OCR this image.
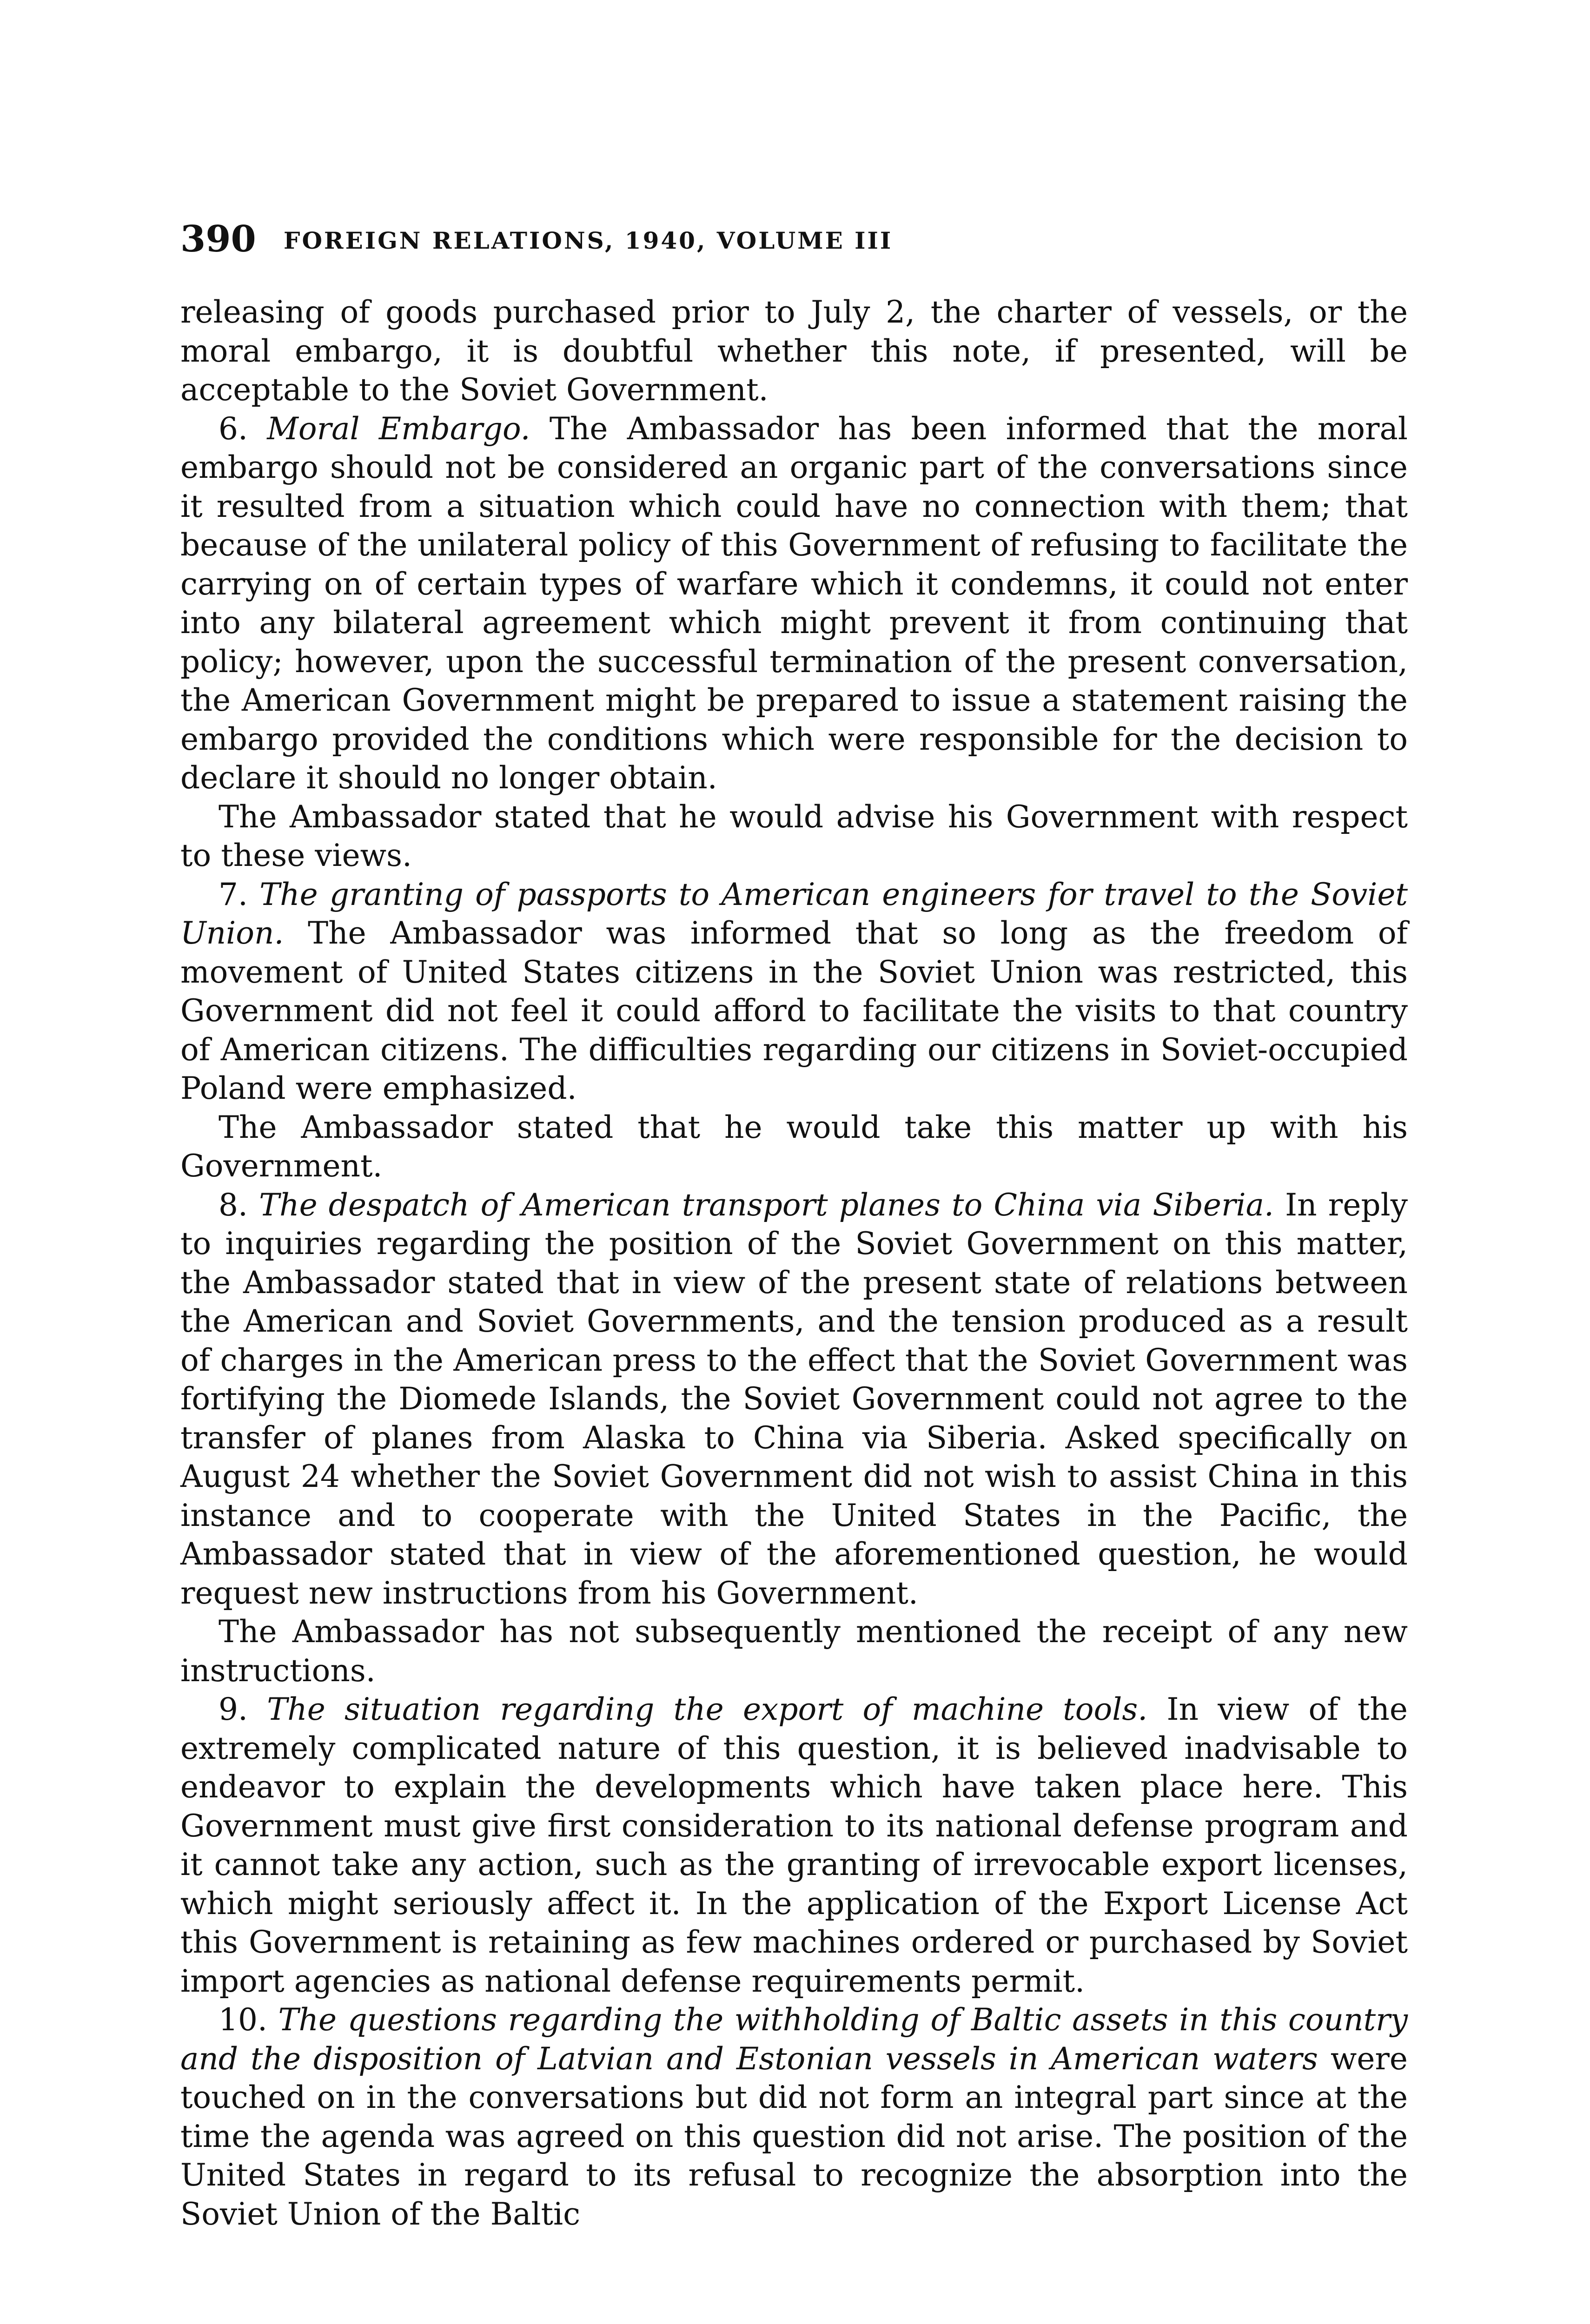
390 FOREIGN RELATIONS, 1940, VOLUME III

releasing of goods purchased prior to July 2, the charter of vessels, or the moral embargo, it is doubtful whether this note, if presented, will be acceptable to the Soviet Government.

6. Moral Embargo. The Ambassador has been informed that the moral embargo should not be considered an organic part of the conversations since it resulted from a situation which could have no connection with them; that because of the unilateral policy of this Government of refusing to facilitate the carrying on of certain types of warfare which it condemns, it could not enter into any bilateral agreement which might prevent it from continuing that policy; however, upon the successful termination of the present conversation, the American Government might be prepared to issue a statement raising the embargo provided the conditions which were responsible for the decision to declare it should no longer obtain.

The Ambassador stated that he would advise his Government with respect to these views.

7. The granting of passports to American engineers for travel to the Soviet Union. The Ambassador was informed that so long as the freedom of movement of United States citizens in the Soviet Union was restricted, this Government did not feel it could afford to facilitate the visits to that country of American citizens. The difficulties regarding our citizens in Soviet-occupied Poland were emphasized.

The Ambassador stated that he would take this matter up with his Government.

8. The despatch of American transport planes to China via Siberia. In reply to inquiries regarding the position of the Soviet Government on this matter, the Ambassador stated that in view of the present state of relations between the American and Soviet Governments, and the tension produced as a result of charges in the American press to the effect that the Soviet Government was fortifying the Diomede Islands, the Soviet Government could not agree to the transfer of planes from Alaska to China via Siberia. Asked specifically on August 24 whether the Soviet Government did not wish to assist China in this instance and to cooperate with the United States in the Pacific, the Ambassador stated that in view of the aforementioned question, he would request new instructions from his Government.

The Ambassador has not subsequently mentioned the receipt of any new instructions.

9. The situation regarding the export of machine tools. In view of the extremely complicated nature of this question, it is believed inadvisable to endeavor to explain the developments which have taken place here. This Government must give first consideration to its national defense program and it cannot take any action, such as the granting of irrevocable export licenses, which might seriously affect it. In the application of the Export License Act this Government is retaining as few machines ordered or purchased by Soviet import agencies as national defense requirements permit.

10. The questions regarding the withholding of Baltic assets in this country and the disposition of Latvian and Estonian vessels in American waters were touched on in the conversations but did not form an integral part since at the time the agenda was agreed on this question did not arise. The position of the United States in regard to its refusal to recognize the absorption into the Soviet Union of the Baltic
